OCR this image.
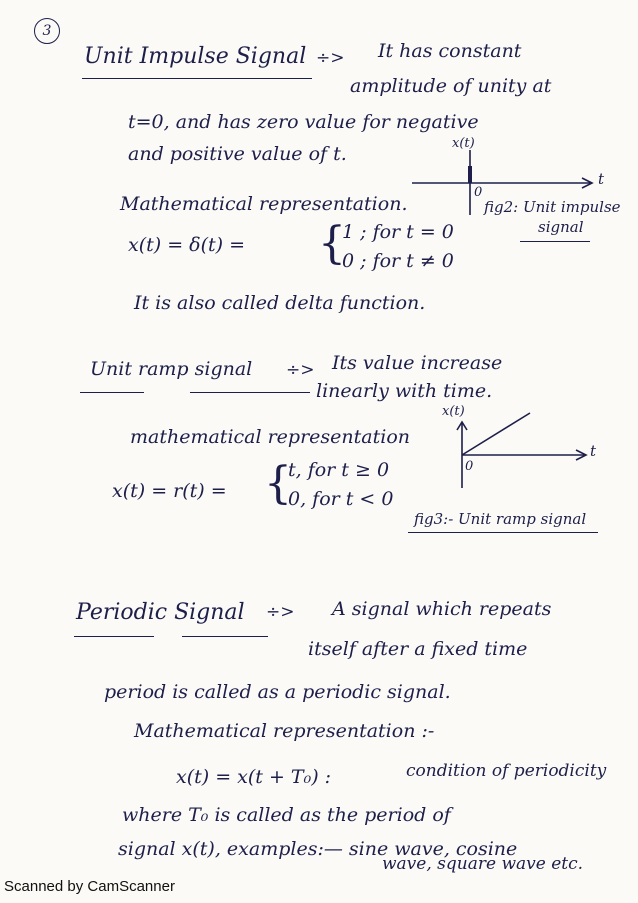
3
Unit Impulse Signal ÷> It has constant
amplitude of unity at
t=0, and has zero value for negative
and positive value of t.
Mathematical representation.
x(t) = δ(t) = {
1 ; for t = 0
0 ; for t ≠ 0
It is also called delta function.
x(t)
t
0
fig2: Unit impulse
signal
Unit ramp signal ÷> Its value increase
linearly with time.
mathematical representation
x(t) = r(t) = {
t, for t ≥ 0
0, for t < 0
x(t)
t
0
fig3:- Unit ramp signal
Periodic Signal ÷> A signal which repeats
itself after a fixed time
period is called as a periodic signal.
Mathematical representation :-
x(t) = x(t + T₀) :	condition of periodicity
where T₀ is called as the period of
signal x(t), examples:— sine wave, cosine
wave, square wave etc.
Scanned by CamScanner
